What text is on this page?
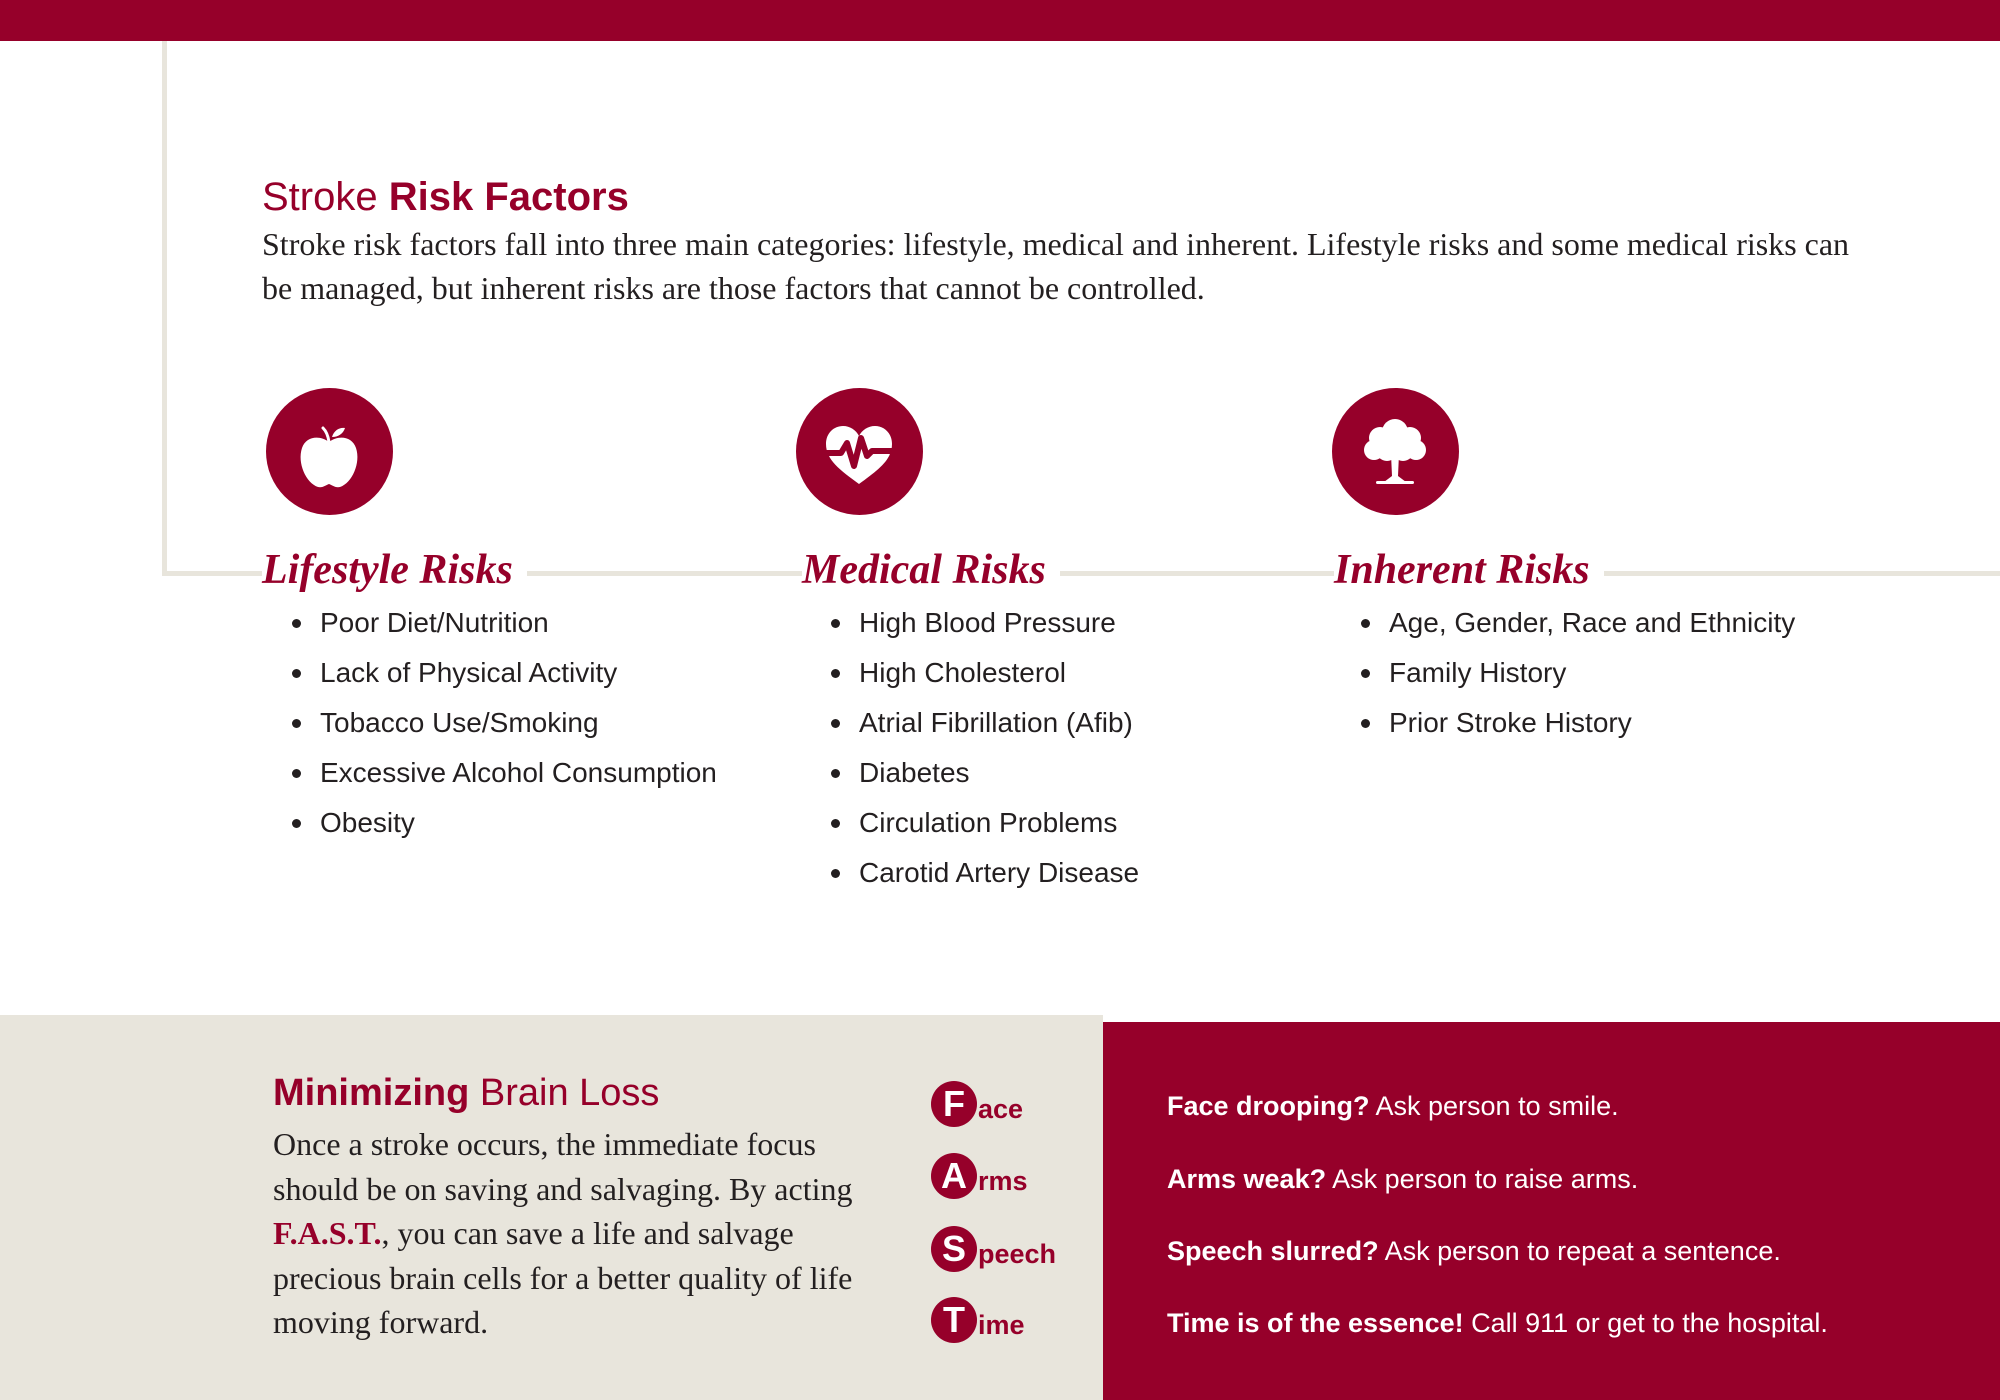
Stroke Risk Factors

Stroke risk factors fall into three main categories: lifestyle, medical and inherent. Lifestyle risks and some medical risks can be managed, but inherent risks are those factors that cannot be controlled.

Lifestyle Risks	Medical Risks	Inherent Risks
Poor Diet/Nutrition
Lack of Physical Activity
Tobacco Use/Smoking
Excessive Alcohol Consumption
Obesity
High Blood Pressure
High Cholesterol
Atrial Fibrillation (Afib)
Diabetes
Circulation Problems
Carotid Artery Disease
Age, Gender, Race and Ethnicity
Family History
Prior Stroke History
Minimizing Brain Loss

Once a stroke occurs, the immediate focus should be on saving and salvaging. By acting F.A.S.T., you can save a life and salvage precious brain cells for a better quality of life moving forward.

F ace
A rms
S peech
T ime

Face drooping? Ask person to smile.

Arms weak? Ask person to raise arms.

Speech slurred? Ask person to repeat a sentence.

Time is of the essence! Call 911 or get to the hospital.
